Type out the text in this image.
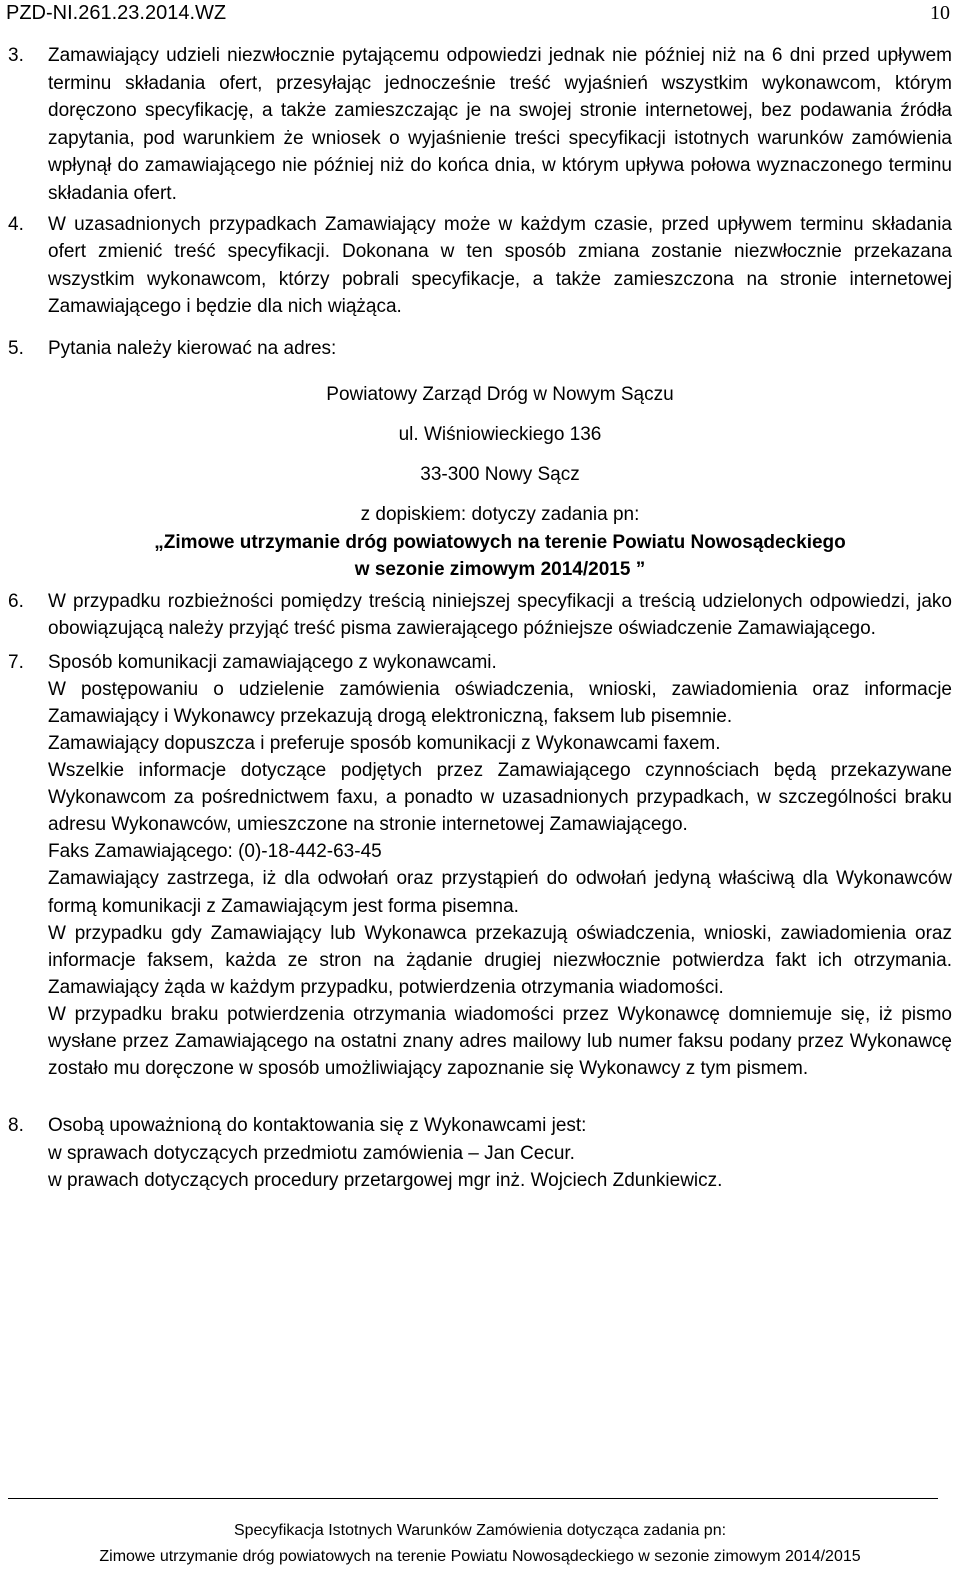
PZD-NI.261.23.2014.WZ	10
3. Zamawiający udzieli niezwłocznie pytającemu odpowiedzi jednak nie później niż na 6 dni przed upływem terminu składania ofert, przesyłając jednocześnie treść wyjaśnień wszystkim wykonawcom, którym doręczono specyfikację, a także zamieszczając je na swojej stronie internetowej, bez podawania źródła zapytania, pod warunkiem że wniosek o wyjaśnienie treści specyfikacji istotnych warunków zamówienia wpłynął do zamawiającego nie później niż do końca dnia, w którym upływa połowa wyznaczonego terminu składania ofert.

4. W uzasadnionych przypadkach Zamawiający może w każdym czasie, przed upływem terminu składania ofert zmienić treść specyfikacji. Dokonana w ten sposób zmiana zostanie niezwłocznie przekazana wszystkim wykonawcom, którzy pobrali specyfikacje, a także zamieszczona na stronie internetowej Zamawiającego i będzie dla nich wiążąca.

5. Pytania należy kierować na adres:

Powiatowy Zarząd Dróg w Nowym Sączu
ul. Wiśniowieckiego 136
33-300 Nowy Sącz
z dopiskiem: dotyczy zadania pn:
„Zimowe utrzymanie dróg powiatowych na terenie Powiatu Nowosądeckiego
w sezonie zimowym 2014/2015 ”
6. W przypadku rozbieżności pomiędzy treścią niniejszej specyfikacji a treścią udzielonych odpowiedzi, jako obowiązującą należy przyjąć treść pisma zawierającego późniejsze oświadczenie Zamawiającego.

7. Sposób komunikacji zamawiającego z wykonawcami.

W postępowaniu o udzielenie zamówienia oświadczenia, wnioski, zawiadomienia oraz informacje Zamawiający i Wykonawcy przekazują drogą elektroniczną, faksem lub pisemnie.

Zamawiający dopuszcza i preferuje sposób komunikacji z Wykonawcami faxem.

Wszelkie informacje dotyczące podjętych przez Zamawiającego czynnościach będą przekazywane Wykonawcom za pośrednictwem faxu, a ponadto w uzasadnionych przypadkach, w szczególności braku adresu Wykonawców, umieszczone na stronie internetowej Zamawiającego.

Faks Zamawiającego: (0)-18-442-63-45

Zamawiający zastrzega, iż dla odwołań oraz przystąpień do odwołań jedyną właściwą dla Wykonawców formą komunikacji z Zamawiającym jest forma pisemna.

W przypadku gdy Zamawiający lub Wykonawca przekazują oświadczenia, wnioski, zawiadomienia oraz informacje faksem, każda ze stron na żądanie drugiej niezwłocznie potwierdza fakt ich otrzymania. Zamawiający żąda w każdym przypadku, potwierdzenia otrzymania wiadomości.

W przypadku braku potwierdzenia otrzymania wiadomości przez Wykonawcę domniemuje się, iż pismo wysłane przez Zamawiającego na ostatni znany adres mailowy lub numer faksu podany przez Wykonawcę zostało mu doręczone w sposób umożliwiający zapoznanie się Wykonawcy z tym pismem.

8. Osobą upoważnioną do kontaktowania się z Wykonawcami jest:

w sprawach dotyczących przedmiotu zamówienia – Jan Cecur.

w prawach dotyczących procedury przetargowej mgr inż. Wojciech Zdunkiewicz.

Specyfikacja Istotnych Warunków Zamówienia dotycząca zadania pn:
Zimowe utrzymanie dróg powiatowych na terenie Powiatu Nowosądeckiego w sezonie zimowym 2014/2015
